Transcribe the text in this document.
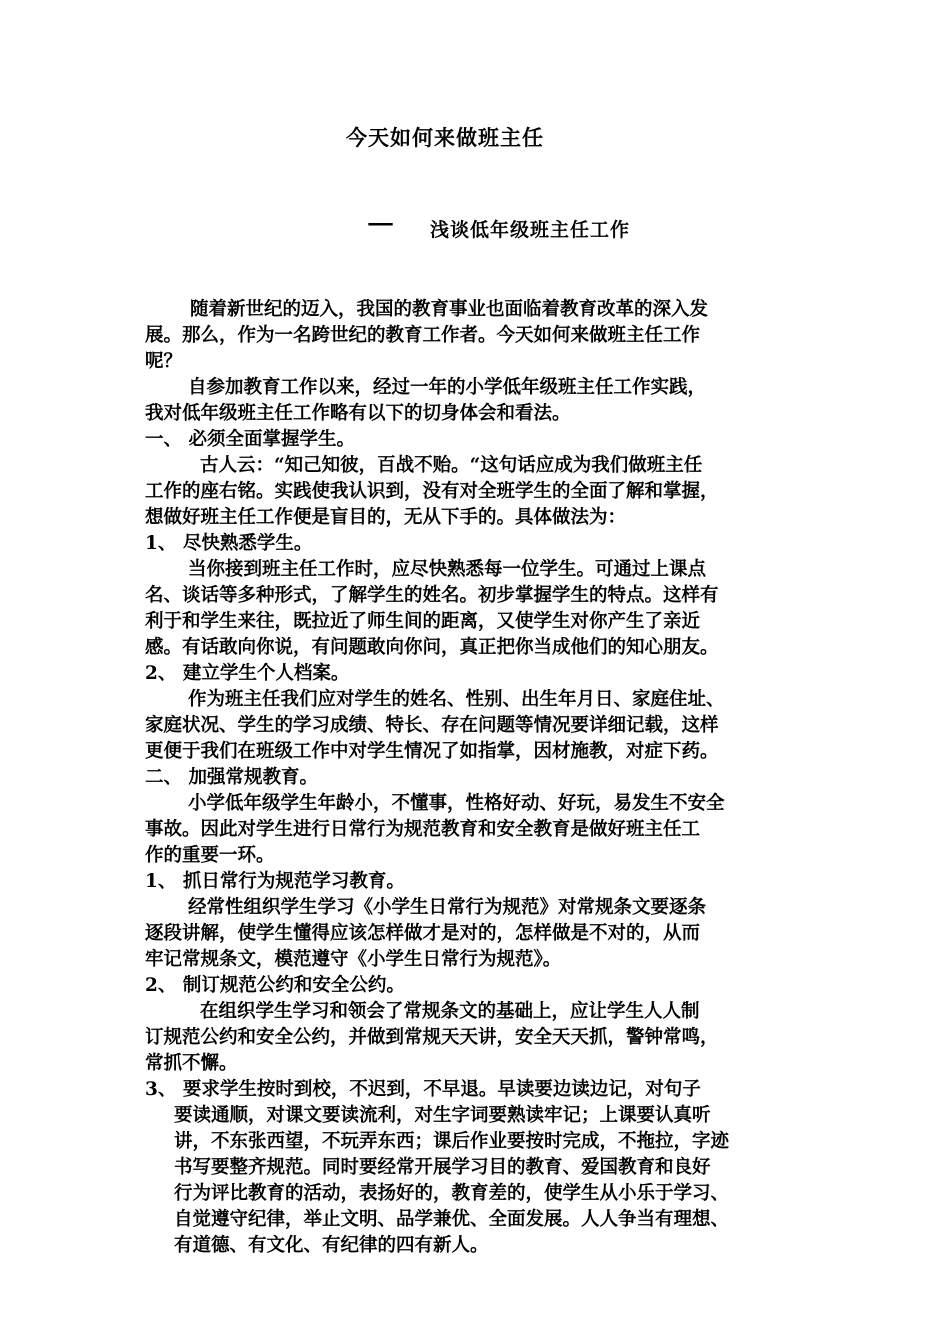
今天如何来做班主任
— 浅谈低年级班主任工作
随着新世纪的迈入，我国的教育事业也面临着教育改革的深入发
展。那么，作为一名跨世纪的教育工作者。今天如何来做班主任工作
呢？
自参加教育工作以来，经过一年的小学低年级班主任工作实践，
我对低年级班主任工作略有以下的切身体会和看法。
一、 必须全面掌握学生。
古人云：“知己知彼，百战不贻。“这句话应成为我们做班主任
工作的座右铭。实践使我认识到，没有对全班学生的全面了解和掌握，
想做好班主任工作便是盲目的，无从下手的。具体做法为：
1、 尽快熟悉学生。
当你接到班主任工作时，应尽快熟悉每一位学生。可通过上课点
名、谈话等多种形式，了解学生的姓名。初步掌握学生的特点。这样有
利于和学生来往，既拉近了师生间的距离，又使学生对你产生了亲近
感。有话敢向你说，有问题敢向你问，真正把你当成他们的知心朋友。
2、 建立学生个人档案。
作为班主任我们应对学生的姓名、性别、出生年月日、家庭住址、
家庭状况、学生的学习成绩、特长、存在问题等情况要详细记载，这样
更便于我们在班级工作中对学生情况了如指掌，因材施教，对症下药。
二、 加强常规教育。
小学低年级学生年龄小，不懂事，性格好动、好玩，易发生不安全
事故。因此对学生进行日常行为规范教育和安全教育是做好班主任工
作的重要一环。
1、 抓日常行为规范学习教育。
经常性组织学生学习《小学生日常行为规范》对常规条文要逐条
逐段讲解，使学生懂得应该怎样做才是对的，怎样做是不对的，从而
牢记常规条文，模范遵守《小学生日常行为规范》。
2、 制订规范公约和安全公约。
在组织学生学习和领会了常规条文的基础上，应让学生人人制
订规范公约和安全公约，并做到常规天天讲，安全天天抓，警钟常鸣，
常抓不懈。
3、 要求学生按时到校，不迟到，不早退。早读要边读边记，对句子
要读通顺，对课文要读流利，对生字词要熟读牢记；上课要认真听
讲，不东张西望，不玩弄东西；课后作业要按时完成，不拖拉，字迹
书写要整齐规范。同时要经常开展学习目的教育、爱国教育和良好
行为评比教育的活动，表扬好的，教育差的，使学生从小乐于学习、
自觉遵守纪律，举止文明、品学兼优、全面发展。人人争当有理想、
有道德、有文化、有纪律的四有新人。
